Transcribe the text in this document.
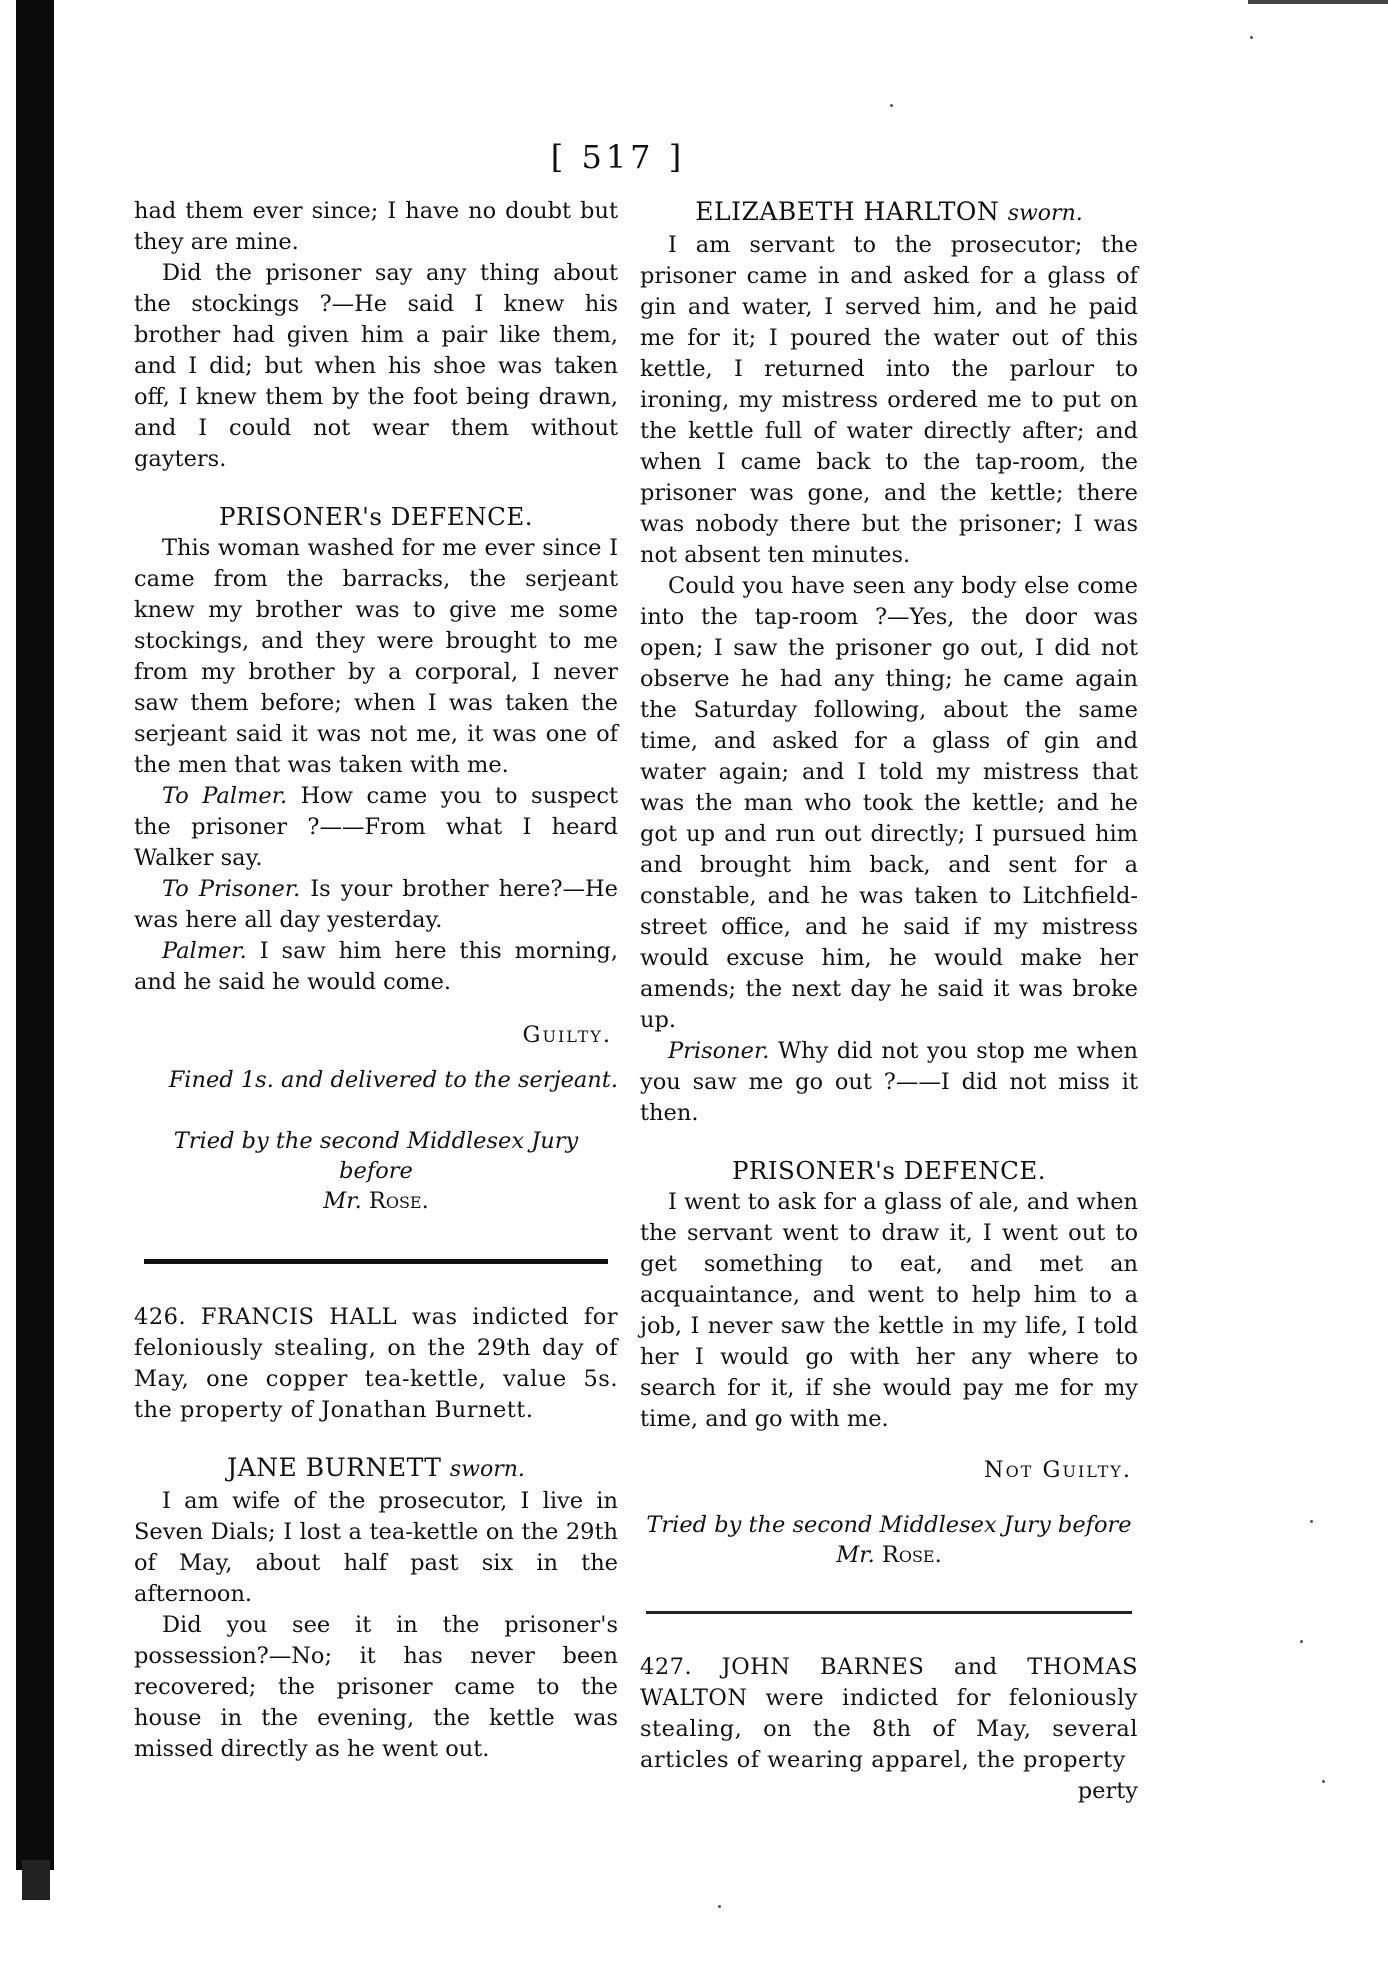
[ 517 ]

had them ever since; I have no doubt but they are mine.

Did the prisoner say any thing about the stockings ?—He said I knew his brother had given him a pair like them, and I did; but when his shoe was taken off, I knew them by the foot being drawn, and I could not wear them without gayters.

PRISONER's DEFENCE.

This woman washed for me ever since I came from the barracks, the serjeant knew my brother was to give me some stockings, and they were brought to me from my brother by a corporal, I never saw them before; when I was taken the serjeant said it was not me, it was one of the men that was taken with me.

To Palmer. How came you to suspect the prisoner ?——From what I heard Walker say.

To Prisoner. Is your brother here?—He was here all day yesterday.

Palmer. I saw him here this morning, and he said he would come.

Guilty.

Fined 1s. and delivered to the serjeant.

Tried by the second Middlesex Jury before

Mr. Rose.

426. FRANCIS HALL was indicted for feloniously stealing, on the 29th day of May, one copper tea-kettle, value 5s. the property of Jonathan Burnett.

JANE BURNETT sworn.

I am wife of the prosecutor, I live in Seven Dials; I lost a tea-kettle on the 29th of May, about half past six in the afternoon.

Did you see it in the prisoner's possession?—No; it has never been recovered; the prisoner came to the house in the evening, the kettle was missed directly as he went out.

ELIZABETH HARLTON sworn.

I am servant to the prosecutor; the prisoner came in and asked for a glass of gin and water, I served him, and he paid me for it; I poured the water out of this kettle, I returned into the parlour to ironing, my mistress ordered me to put on the kettle full of water directly after; and when I came back to the tap-room, the prisoner was gone, and the kettle; there was nobody there but the prisoner; I was not absent ten minutes.

Could you have seen any body else come into the tap-room ?—Yes, the door was open; I saw the prisoner go out, I did not observe he had any thing; he came again the Saturday following, about the same time, and asked for a glass of gin and water again; and I told my mistress that was the man who took the kettle; and he got up and run out directly; I pursued him and brought him back, and sent for a constable, and he was taken to Litchfield-street office, and he said if my mistress would excuse him, he would make her amends; the next day he said it was broke up.

Prisoner. Why did not you stop me when you saw me go out ?——I did not miss it then.

PRISONER's DEFENCE.

I went to ask for a glass of ale, and when the servant went to draw it, I went out to get something to eat, and met an acquaintance, and went to help him to a job, I never saw the kettle in my life, I told her I would go with her any where to search for it, if she would pay me for my time, and go with me.

Not Guilty.

Tried by the second Middlesex Jury before

Mr. Rose.

427. JOHN BARNES and THOMAS WALTON were indicted for feloniously stealing, on the 8th of May, several articles of wearing apparel, the property

perty
